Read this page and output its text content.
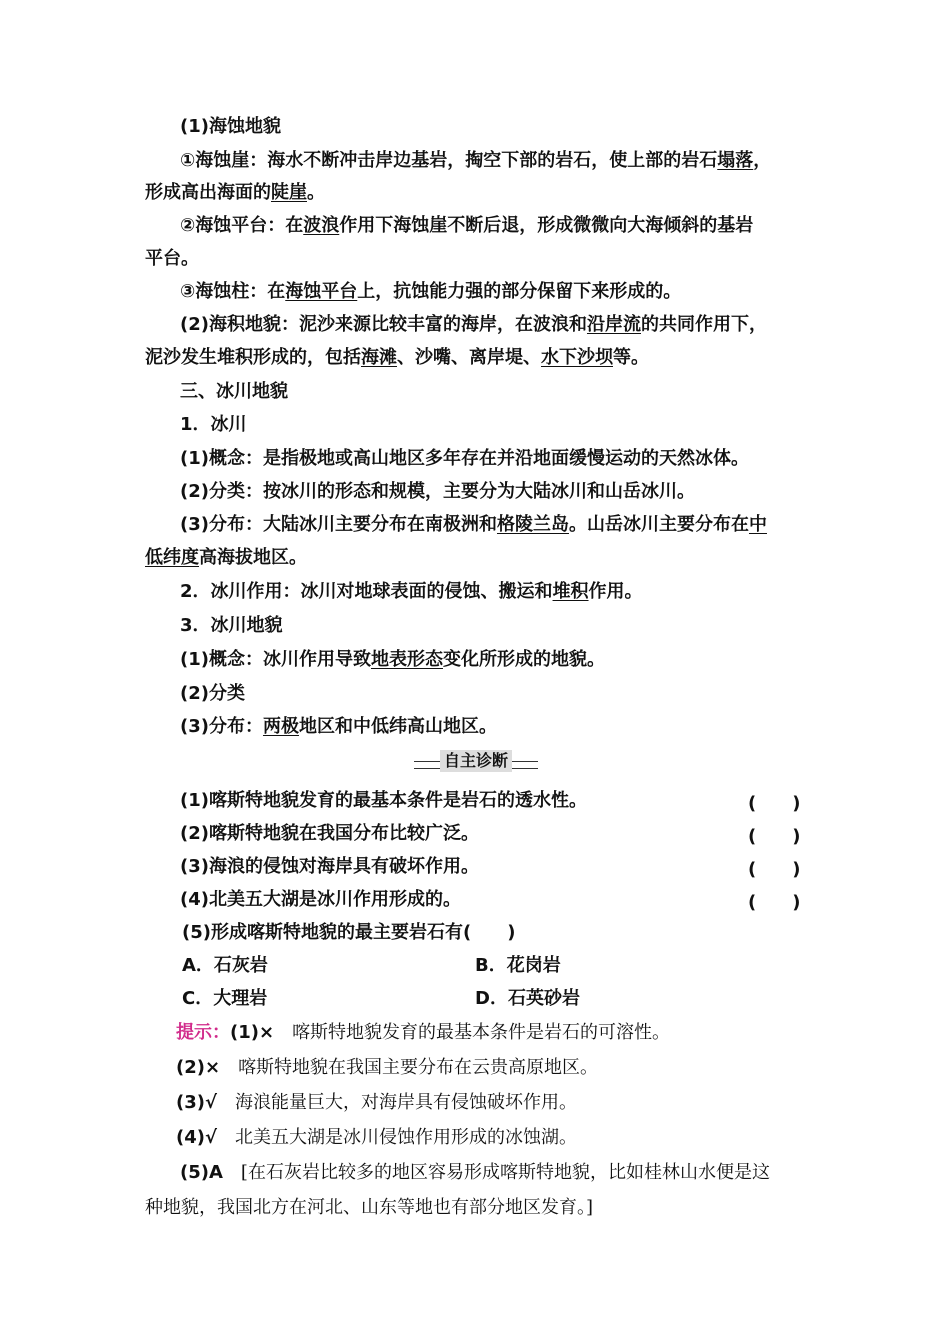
(1)海蚀地貌
①海蚀崖：海水不断冲击岸边基岩，掏空下部的岩石，使上部的岩石塌落，
形成高出海面的陡崖。
②海蚀平台：在波浪作用下海蚀崖不断后退，形成微微向大海倾斜的基岩
平台。
③海蚀柱：在海蚀平台上，抗蚀能力强的部分保留下来形成的。
(2)海积地貌：泥沙来源比较丰富的海岸，在波浪和沿岸流的共同作用下，
泥沙发生堆积形成的，包括海滩、沙嘴、离岸堤、水下沙坝等。
三、冰川地貌
1．冰川
(1)概念：是指极地或高山地区多年存在并沿地面缓慢运动的天然冰体。
(2)分类：按冰川的形态和规模，主要分为大陆冰川和山岳冰川。
(3)分布：大陆冰川主要分布在南极洲和格陵兰岛。山岳冰川主要分布在中
低纬度高海拔地区。
2．冰川作用：冰川对地球表面的侵蚀、搬运和堆积作用。
3．冰川地貌
(1)概念：冰川作用导致地表形态变化所形成的地貌。
(2)分类
(3)分布：两极地区和中低纬高山地区。
自主诊断
(1)喀斯特地貌发育的最基本条件是岩石的透水性。	(　　)
(2)喀斯特地貌在我国分布比较广泛。	(　　)
(3)海浪的侵蚀对海岸具有破坏作用。	(　　)
(4)北美五大湖是冰川作用形成的。	(　　)
(5)形成喀斯特地貌的最主要岩石有(　　)
A．石灰岩	B．花岗岩
C．大理岩	D．石英砂岩
提示：(1)×　喀斯特地貌发育的最基本条件是岩石的可溶性。
(2)×　喀斯特地貌在我国主要分布在云贵高原地区。
(3)√　海浪能量巨大，对海岸具有侵蚀破坏作用。
(4)√　北美五大湖是冰川侵蚀作用形成的冰蚀湖。
(5)A　[在石灰岩比较多的地区容易形成喀斯特地貌，比如桂林山水便是这
种地貌，我国北方在河北、山东等地也有部分地区发育。]
